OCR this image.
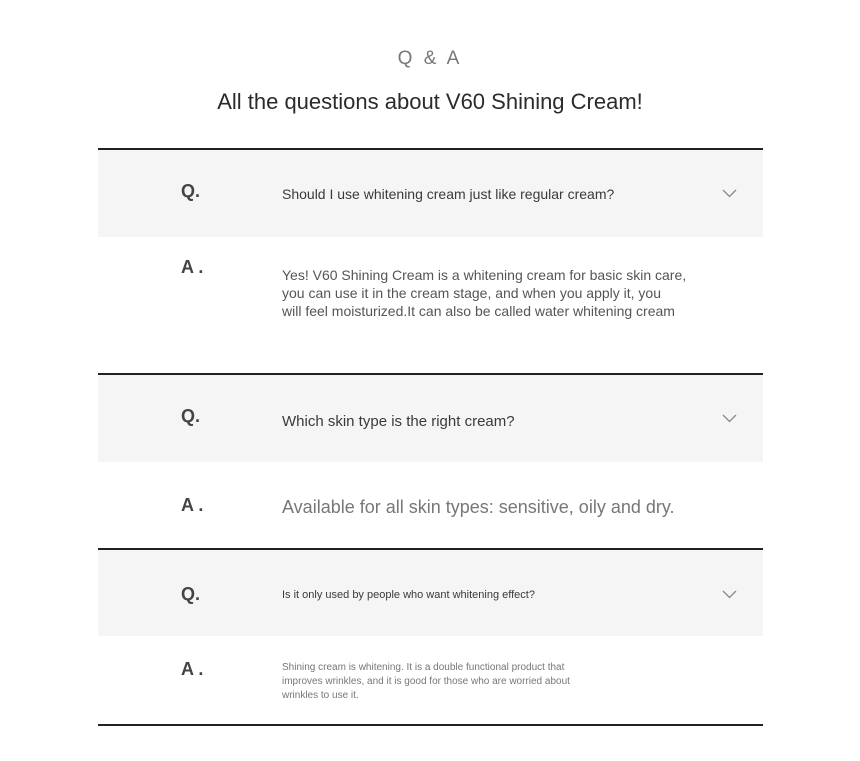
Q & A
All the questions about V60 Shining Cream!
Q.	Should I use whitening cream just like regular cream?
A .	Yes! V60 Shining Cream is a whitening cream for basic skin care,
you can use it in the cream stage, and when you apply it, you
will feel moisturized.It can also be called water whitening cream
Q.	Which skin type is the right cream?
A .	Available for all skin types: sensitive, oily and dry.
Q.	Is it only used by people who want whitening effect?
A .	Shining cream is whitening. It is a double functional product that
improves wrinkles, and it is good for those who are worried about
wrinkles to use it.
